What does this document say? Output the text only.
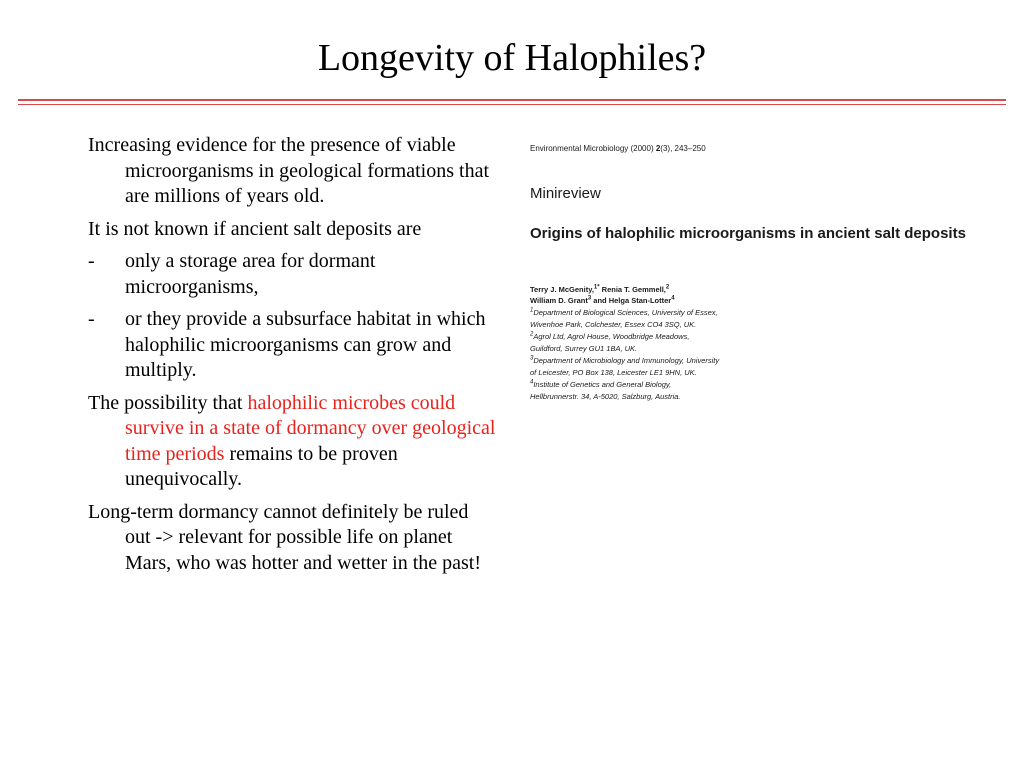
Longevity of Halophiles?

Increasing evidence for the presence of viable microorganisms in geological formations that are millions of years old.

It is not known if ancient salt deposits are

-	only a storage area for dormant microorganisms,
-	or they provide a subsurface habitat in which halophilic microorganisms can grow and multiply.

The possibility that halophilic microbes could survive in a state of dormancy over geological time periods remains to be proven unequivocally.

Long-term dormancy cannot definitely be ruled out -> relevant for possible life on planet Mars, who was hotter and wetter in the past!

Environmental Microbiology (2000) 2(3), 243–250
Minireview
Origins of halophilic microorganisms in ancient salt deposits
Terry J. McGenity,$^{1*}$ Renia T. Gemmell,$^2$
William D. Grant$^3$ and Helga Stan-Lotter$^4$
$^1$Department of Biological Sciences, University of Essex,
Wivenhoe Park, Colchester, Essex CO4 3SQ, UK.
$^2$Agrol Ltd, Agrol House, Woodbridge Meadows,
Guildford, Surrey GU1 1BA, UK.
$^3$Department of Microbiology and Immunology, University
of Leicester, PO Box 138, Leicester LE1 9HN, UK.
$^4$Institute of Genetics and General Biology,
Hellbrunnerstr. 34, A-5020, Salzburg, Austria.
